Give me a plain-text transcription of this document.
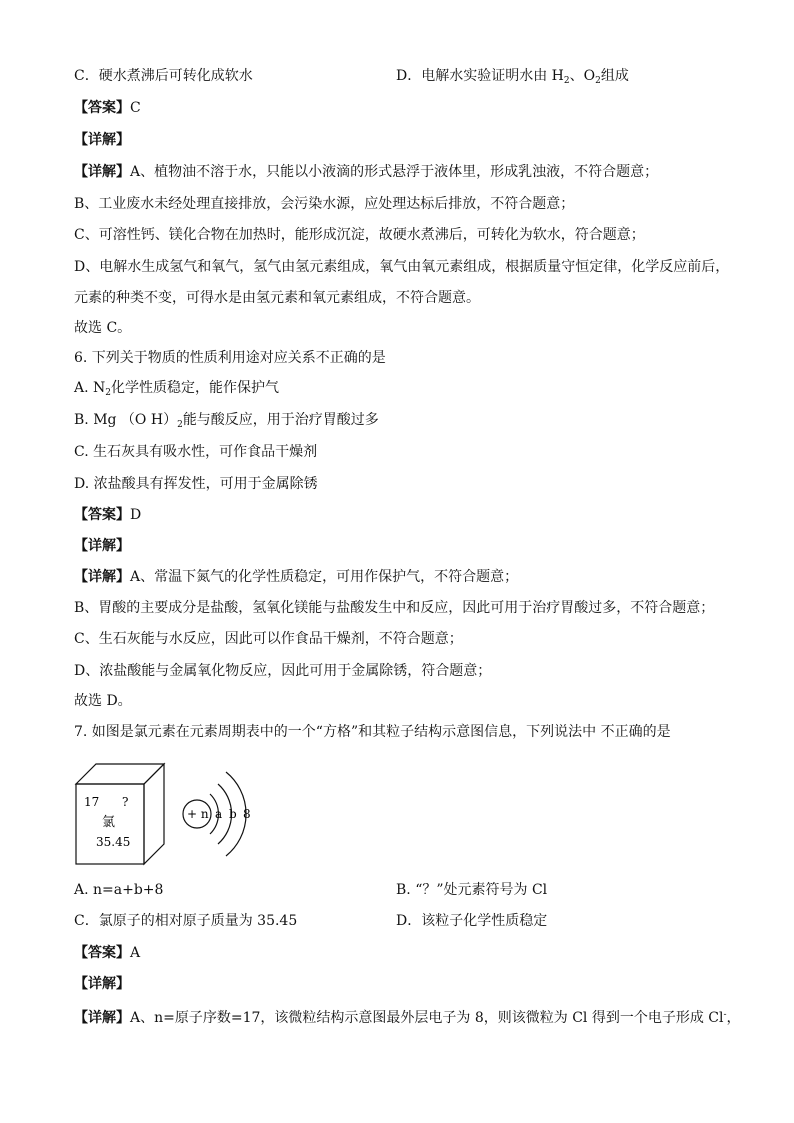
C．硬水煮沸后可转化成软水	D．电解水实验证明水由 $H_2$、$O_2$组成
【答案】C
【详解】
【详解】A、植物油不溶于水，只能以小液滴的形式悬浮于液体里，形成乳浊液，不符合题意；
B、工业废水未经处理直接排放，会污染水源，应处理达标后排放，不符合题意；
C、可溶性钙、镁化合物在加热时，能形成沉淀，故硬水煮沸后，可转化为软水，符合题意；
D、电解水生成氢气和氧气，氢气由氢元素组成，氧气由氧元素组成，根据质量守恒定律，化学反应前后，
元素的种类不变，可得水是由氢元素和氧元素组成，不符合题意。
故选 C。
6. 下列关于物质的性质利用途对应关系不正确的是
A. $N_2$化学性质稳定，能作保护气
B. Mg （O $H)_2$能与酸反应，用于治疗胃酸过多
C. 生石灰具有吸水性，可作食品干燥剂
D. 浓盐酸具有挥发性，可用于金属除锈
【答案】D
【详解】
【详解】A、常温下氮气的化学性质稳定，可用作保护气，不符合题意；
B、胃酸的主要成分是盐酸，氢氧化镁能与盐酸发生中和反应，因此可用于治疗胃酸过多，不符合题意；
C、生石灰能与水反应，因此可以作食品干燥剂，不符合题意；
D、浓盐酸能与金属氧化物反应，因此可用于金属除锈，符合题意；
故选 D。
7. 如图是氯元素在元素周期表中的一个“方格”和其粒子结构示意图信息，下列说法中 不正确的是
17 ?
氯
35.45
+ n a b 8
A. n=a+b+8	B. “？”处元素符号为 Cl
C．氯原子的相对原子质量为 35.45	D．该粒子化学性质稳定
【答案】A
【详解】
【详解】A、n=原子序数=17，该微粒结构示意图最外层电子为 8，则该微粒为 Cl 得到一个电子形成 Cl-，
